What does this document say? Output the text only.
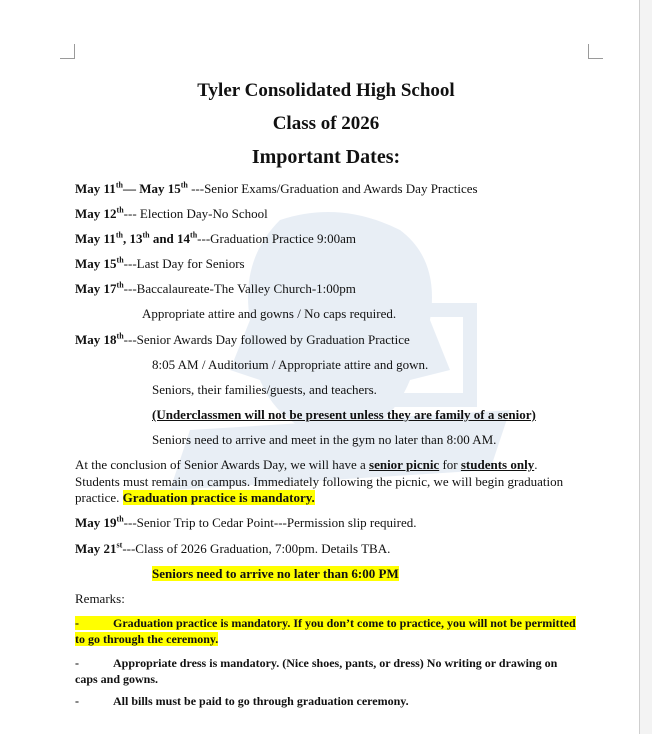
Tyler Consolidated High School
Class of 2026
Important Dates:
May 11th— May 15th ---Senior Exams/Graduation and Awards Day Practices
May 12th--- Election Day-No School
May 11th, 13th and 14th---Graduation Practice 9:00am
May 15th---Last Day for Seniors
May 17th---Baccalaureate-The Valley Church-1:00pm
Appropriate attire and gowns / No caps required.
May 18th---Senior Awards Day followed by Graduation Practice
8:05 AM / Auditorium / Appropriate attire and gown.
Seniors, their families/guests, and teachers.
(Underclassmen will not be present unless they are family of a senior)
Seniors need to arrive and meet in the gym no later than 8:00 AM.
At the conclusion of Senior Awards Day, we will have a senior picnic for students only. Students must remain on campus. Immediately following the picnic, we will begin graduation practice. Graduation practice is mandatory.
May 19th---Senior Trip to Cedar Point---Permission slip required.
May 21st---Class of 2026 Graduation, 7:00pm. Details TBA.
Seniors need to arrive no later than 6:00 PM
Remarks:
-	Graduation practice is mandatory. If you don’t come to practice, you will not be permitted to go through the ceremony.
-	Appropriate dress is mandatory. (Nice shoes, pants, or dress) No writing or drawing on caps and gowns.
-	All bills must be paid to go through graduation ceremony.
